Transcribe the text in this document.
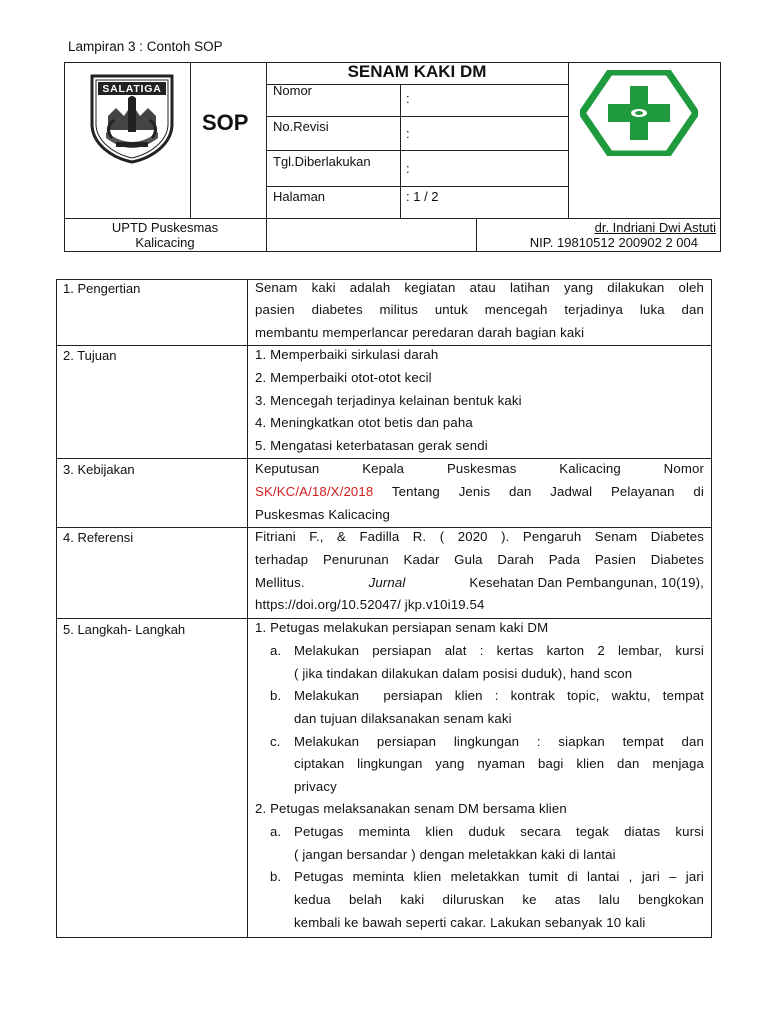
Lampiran 3 : Contoh SOP
SALATIGA
SOP
SENAM KAKI DM
Nomor
:
No.Revisi	:
Tgl.Diberlakukan	:
Halaman	: 1 / 2
UPTD Puskesmas
Kalicacing
dr. Indriani Dwi Astuti
NIP. 19810512 200902 2 004
1. Pengertian	Senam kaki adalah kegiatan atau latihan yang dilakukan oleh
pasien diabetes militus untuk mencegah terjadinya luka dan
membantu memperlancar peredaran darah bagian kaki
2. Tujuan	1. Memperbaiki sirkulasi darah
2. Memperbaiki otot-otot kecil
3. Mencegah terjadinya kelainan bentuk kaki
4. Meningkatkan otot betis dan paha
5. Mengatasi keterbatasan gerak sendi
3. Kebijakan	Keputusan Kepala Puskesmas Kalicacing Nomor
SK/KC/A/18/X/2018 Tentang Jenis dan Jadwal Pelayanan di
Puskesmas Kalicacing
4. Referensi	Fitriani F., & Fadilla R. ( 2020 ). Pengaruh Senam Diabetes
terhadap Penurunan Kadar Gula Darah Pada Pasien Diabetes
Mellitus.	Jurnal	Kesehatan Dan Pembangunan, 10(19),
https://doi.org/10.52047/ jkp.v10i19.54
5. Langkah- Langkah	1. Petugas melakukan persiapan senam kaki DM
a. Melakukan persiapan alat : kertas karton 2 lembar, kursi
( jika tindakan dilakukan dalam posisi duduk), hand scon
b. Melakukan  persiapan klien : kontrak topic, waktu, tempat
dan tujuan dilaksanakan senam kaki
c. Melakukan persiapan lingkungan : siapkan tempat dan
ciptakan lingkungan yang nyaman bagi klien dan menjaga
privacy
2. Petugas melaksanakan senam DM bersama klien
a. Petugas meminta klien duduk secara tegak diatas kursi
( jangan bersandar ) dengan meletakkan kaki di lantai
b. Petugas meminta klien meletakkan tumit di lantai , jari – jari
kedua belah kaki diluruskan ke atas lalu bengkokan
kembali ke bawah seperti cakar. Lakukan sebanyak 10 kali
